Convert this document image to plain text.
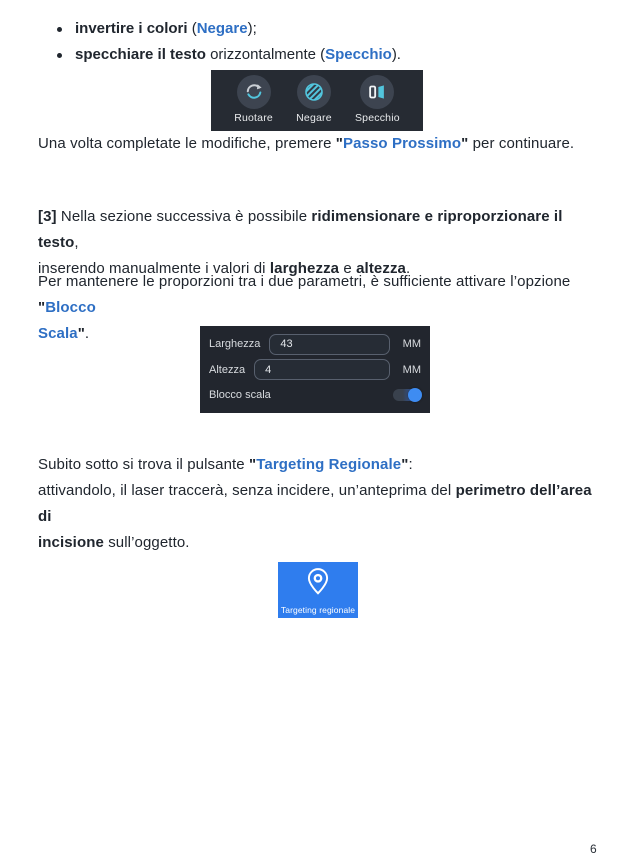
invertire i colori (Negare);
specchiare il testo orizzontalmente (Specchio).
Ruotare Negare Specchio

Una volta completate le modifiche, premere "Passo Prossimo" per continuare.

[3] Nella sezione successiva è possibile ridimensionare e riproporzionare il testo,
inserendo manualmente i valori di larghezza e altezza.

Per mantenere le proporzioni tra i due parametri, è sufficiente attivare l’opzione "Blocco
Scala".

Larghezza
43	MM
Altezza
4	MM
Blocco scala

Subito sotto si trova il pulsante "Targeting Regionale":
attivandolo, il laser traccerà, senza incidere, un’anteprima del perimetro dell’area di
incisione sull’oggetto.

Targeting regionale
6
